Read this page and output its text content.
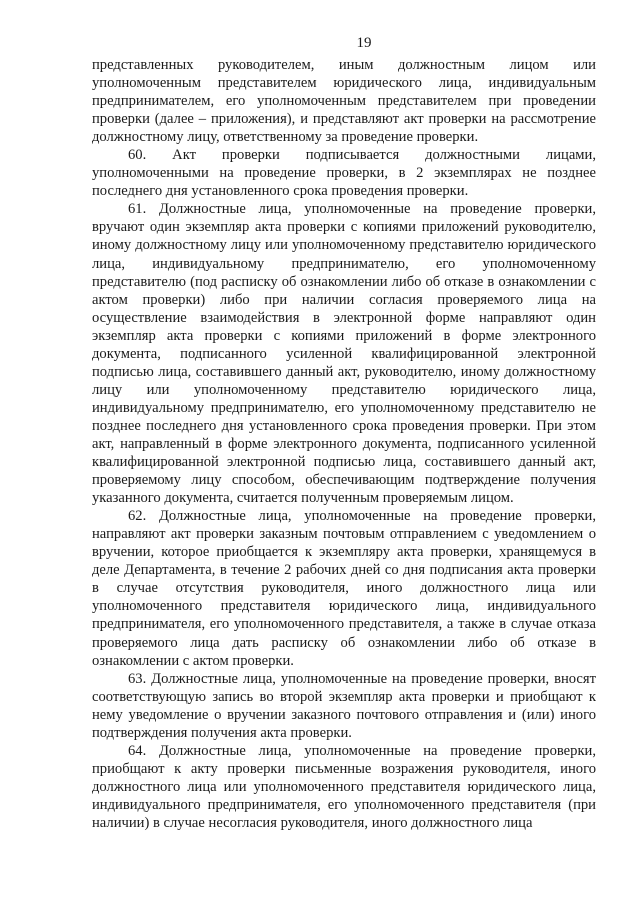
19

представленных руководителем, иным должностным лицом или уполномоченным представителем юридического лица, индивидуальным предпринимателем, его уполномоченным представителем при проведении проверки (далее – приложения), и представляют акт проверки на рассмотрение должностному лицу, ответственному за проведение проверки.

60. Акт проверки подписывается должностными лицами, уполномоченными на проведение проверки, в 2 экземплярах не позднее последнего дня установленного срока проведения проверки.

61. Должностные лица, уполномоченные на проведение проверки, вручают один экземпляр акта проверки с копиями приложений руководителю, иному должностному лицу или уполномоченному представителю юридического лица, индивидуальному предпринимателю, его уполномоченному представителю (под расписку об ознакомлении либо об отказе в ознакомлении с актом проверки) либо при наличии согласия проверяемого лица на осуществление взаимодействия в электронной форме направляют один экземпляр акта проверки с копиями приложений в форме электронного документа, подписанного усиленной квалифицированной электронной подписью лица, составившего данный акт, руководителю, иному должностному лицу или уполномоченному представителю юридического лица, индивидуальному предпринимателю, его уполномоченному представителю не позднее последнего дня установленного срока проведения проверки. При этом акт, направленный в форме электронного документа, подписанного усиленной квалифицированной электронной подписью лица, составившего данный акт, проверяемому лицу способом, обеспечивающим подтверждение получения указанного документа, считается полученным проверяемым лицом.

62. Должностные лица, уполномоченные на проведение проверки, направляют акт проверки заказным почтовым отправлением с уведомлением о вручении, которое приобщается к экземпляру акта проверки, хранящемуся в деле Департамента, в течение 2 рабочих дней со дня подписания акта проверки в случае отсутствия руководителя, иного должностного лица или уполномоченного представителя юридического лица, индивидуального предпринимателя, его уполномоченного представителя, а также в случае отказа проверяемого лица дать расписку об ознакомлении либо об отказе в ознакомлении с актом проверки.

63. Должностные лица, уполномоченные на проведение проверки, вносят соответствующую запись во второй экземпляр акта проверки и приобщают к нему уведомление о вручении заказного почтового отправления и (или) иного подтверждения получения акта проверки.

64. Должностные лица, уполномоченные на проведение проверки, приобщают к акту проверки письменные возражения руководителя, иного должностного лица или уполномоченного представителя юридического лица, индивидуального предпринимателя, его уполномоченного представителя (при наличии) в случае несогласия руководителя, иного должностного лица
